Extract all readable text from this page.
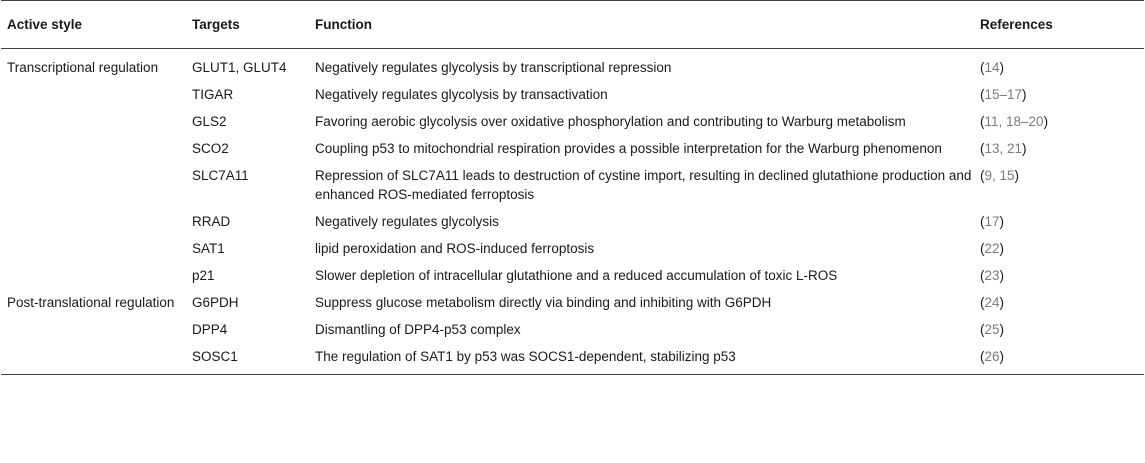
Active style	Targets	Function	References
Transcriptional regulation	GLUT1, GLUT4	Negatively regulates glycolysis by transcriptional repression	(14)
	TIGAR	Negatively regulates glycolysis by transactivation	(15–17)
	GLS2	Favoring aerobic glycolysis over oxidative phosphorylation and contributing to Warburg metabolism	(11, 18–20)
	SCO2	Coupling p53 to mitochondrial respiration provides a possible interpretation for the Warburg phenomenon	(13, 21)
	SLC7A11	Repression of SLC7A11 leads to destruction of cystine import, resulting in declined glutathione production and enhanced ROS-mediated ferroptosis	(9, 15)
	RRAD	Negatively regulates glycolysis	(17)
	SAT1	lipid peroxidation and ROS-induced ferroptosis	(22)
	p21	Slower depletion of intracellular glutathione and a reduced accumulation of toxic L-ROS	(23)
Post-translational regulation	G6PDH	Suppress glucose metabolism directly via binding and inhibiting with G6PDH	(24)
	DPP4	Dismantling of DPP4-p53 complex	(25)
	SOSC1	The regulation of SAT1 by p53 was SOCS1-dependent, stabilizing p53	(26)
